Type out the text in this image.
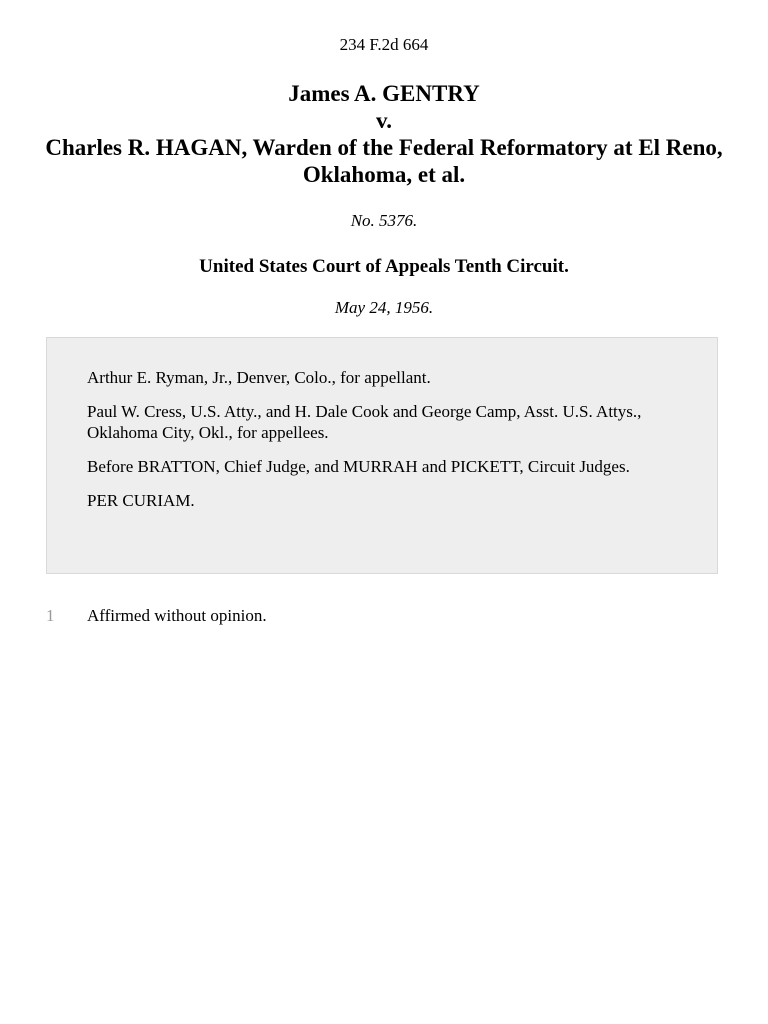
234 F.2d 664
James A. GENTRY
v.
Charles R. HAGAN, Warden of the Federal Reformatory at El Reno, Oklahoma, et al.
No. 5376.
United States Court of Appeals Tenth Circuit.
May 24, 1956.

Arthur E. Ryman, Jr., Denver, Colo., for appellant.

Paul W. Cress, U.S. Atty., and H. Dale Cook and George Camp, Asst. U.S. Attys., Oklahoma City, Okl., for appellees.

Before BRATTON, Chief Judge, and MURRAH and PICKETT, Circuit Judges.

PER CURIAM.

1 Affirmed without opinion.
